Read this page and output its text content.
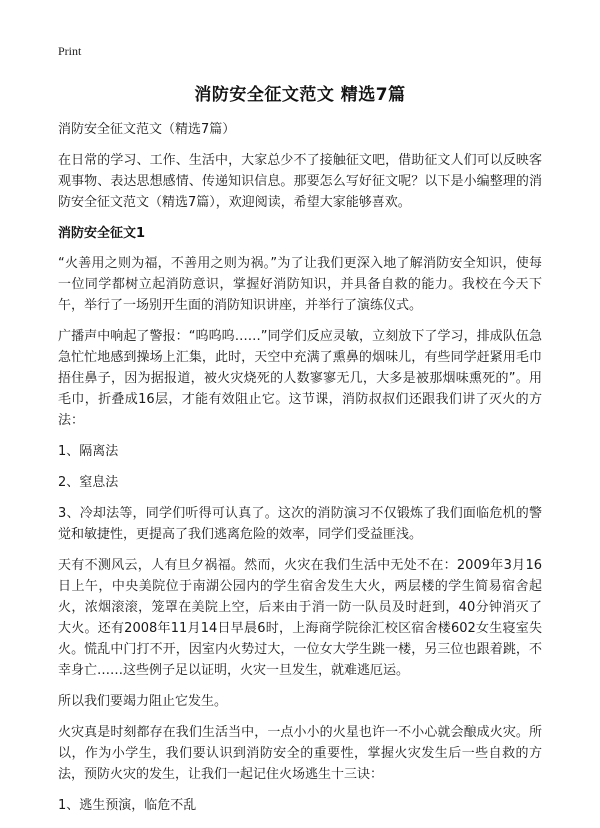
Print
消防安全征文范文 精选7篇

消防安全征文范文（精选7篇）

在日常的学习、工作、生活中，大家总少不了接触征文吧，借助征文人们可以反映客观事物、表达思想感情、传递知识信息。那要怎么写好征文呢？以下是小编整理的消防安全征文范文（精选7篇），欢迎阅读，希望大家能够喜欢。

消防安全征文1

“火善用之则为福，不善用之则为祸。”为了让我们更深入地了解消防安全知识，使每一位同学都树立起消防意识，掌握好消防知识，并具备自救的能力。我校在今天下午，举行了一场别开生面的消防知识讲座，并举行了演练仪式。

广播声中响起了警报：“呜呜呜……”同学们反应灵敏，立刻放下了学习，排成队伍急急忙忙地感到操场上汇集，此时，天空中充满了熏鼻的烟味儿，有些同学赶紧用毛巾捂住鼻子，因为据报道，被火灾烧死的人数寥寥无几，大多是被那烟味熏死的”。用毛巾，折叠成16层，才能有效阻止它。这节课，消防叔叔们还跟我们讲了灭火的方法：

1、隔离法

2、窒息法

3、冷却法等，同学们听得可认真了。这次的消防演习不仅锻炼了我们面临危机的警觉和敏捷性，更提高了我们逃离危险的效率，同学们受益匪浅。

天有不测风云，人有旦夕祸福。然而，火灾在我们生活中无处不在：2009年3月16日上午，中央美院位于南湖公园内的学生宿舍发生大火，两层楼的学生简易宿舍起火，浓烟滚滚，笼罩在美院上空，后来由于消一防一队员及时赶到，40分钟消灭了大火。还有2008年11月14日早晨6时，上海商学院徐汇校区宿舍楼602女生寝室失火。慌乱中门打不开，因室内火势过大，一位女大学生跳一楼，另三位也跟着跳，不幸身亡……这些例子足以证明，火灾一旦发生，就难逃厄运。

所以我们要竭力阻止它发生。

火灾真是时刻都存在我们生活当中，一点小小的火星也许一不小心就会酿成火灾。所以，作为小学生，我们要认识到消防安全的重要性，掌握火灾发生后一些自救的方法，预防火灾的发生，让我们一起记住火场逃生十三诀：

1、逃生预演，临危不乱
